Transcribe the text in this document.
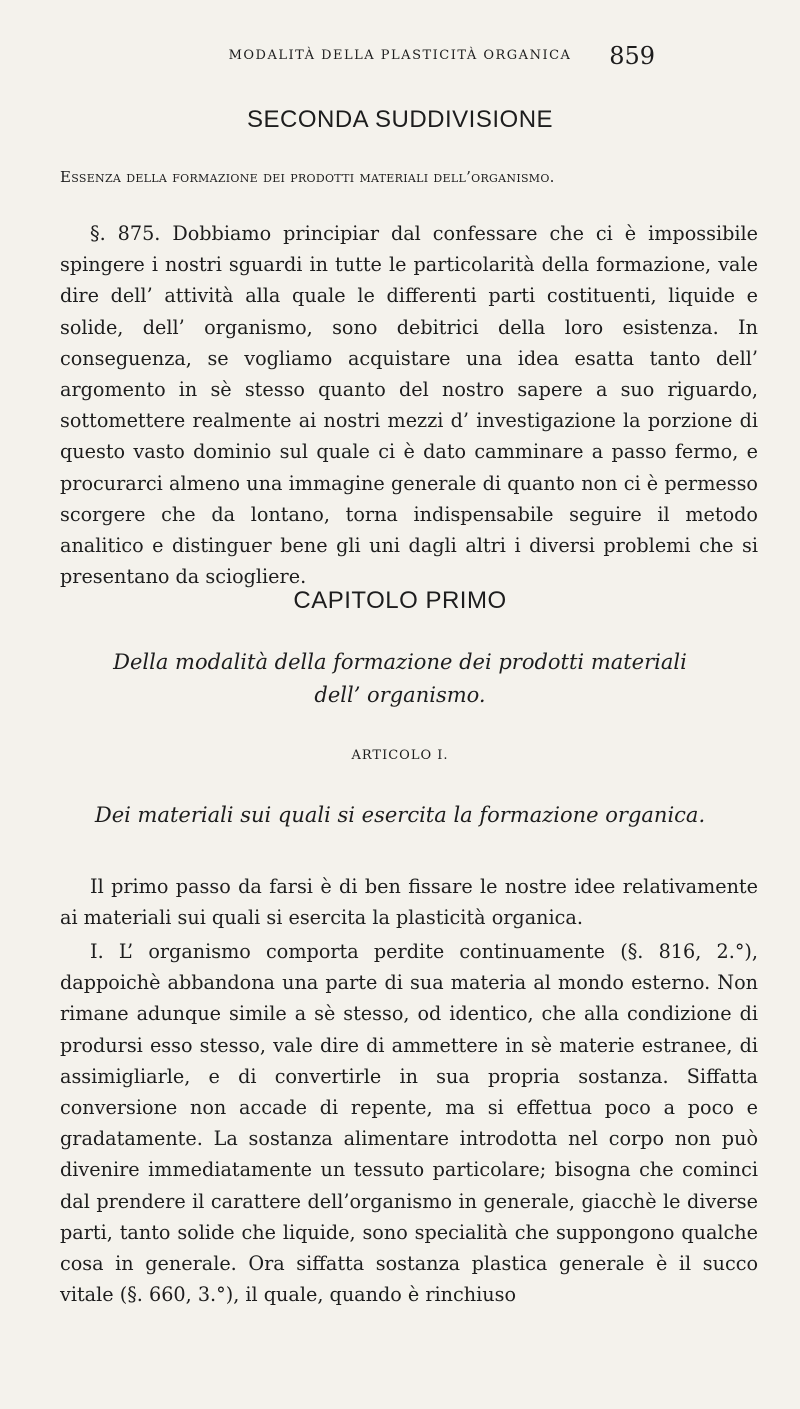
MODALITÀ DELLA PLASTICITÀ ORGANICA	859
SECONDA SUDDIVISIONE
Essenza della formazione dei prodotti materiali dell’organismo.

§. 875. Dobbiamo principiar dal confessare che ci è impossibile spingere i nostri sguardi in tutte le particolarità della formazione, vale dire dell’ attività alla quale le differenti parti costituenti, liquide e solide, dell’ organismo, sono debitrici della loro esistenza. In conseguenza, se vogliamo acquistare una idea esatta tanto dell’ argomento in sè stesso quanto del nostro sapere a suo riguardo, sottomettere realmente ai nostri mezzi d’ investigazione la porzione di questo vasto dominio sul quale ci è dato camminare a passo fermo, e procurarci almeno una immagine generale di quanto non ci è permesso scorgere che da lontano, torna indispensabile seguire il metodo analitico e distinguer bene gli uni dagli altri i diversi problemi che si presentano da sciogliere.

CAPITOLO PRIMO
Della modalità della formazione dei prodotti materiali
dell’ organismo.
ARTICOLO I.
Dei materiali sui quali si esercita la formazione organica.

Il primo passo da farsi è di ben fissare le nostre idee relativamente ai materiali sui quali si esercita la plasticità organica.

I. L’ organismo comporta perdite continuamente (§. 816, 2.°), dappoichè abbandona una parte di sua materia al mondo esterno. Non rimane adunque simile a sè stesso, od identico, che alla condizione di prodursi esso stesso, vale dire di ammettere in sè materie estranee, di assimigliarle, e di convertirle in sua propria sostanza. Siffatta conversione non accade di repente, ma si effettua poco a poco e gradatamente. La sostanza alimentare introdotta nel corpo non può divenire immediatamente un tessuto particolare; bisogna che cominci dal prendere il carattere dell’organismo in generale, giacchè le diverse parti, tanto solide che liquide, sono specialità che suppongono qualche cosa in generale. Ora siffatta sostanza plastica generale è il succo vitale (§. 660, 3.°), il quale, quando è rinchiuso
